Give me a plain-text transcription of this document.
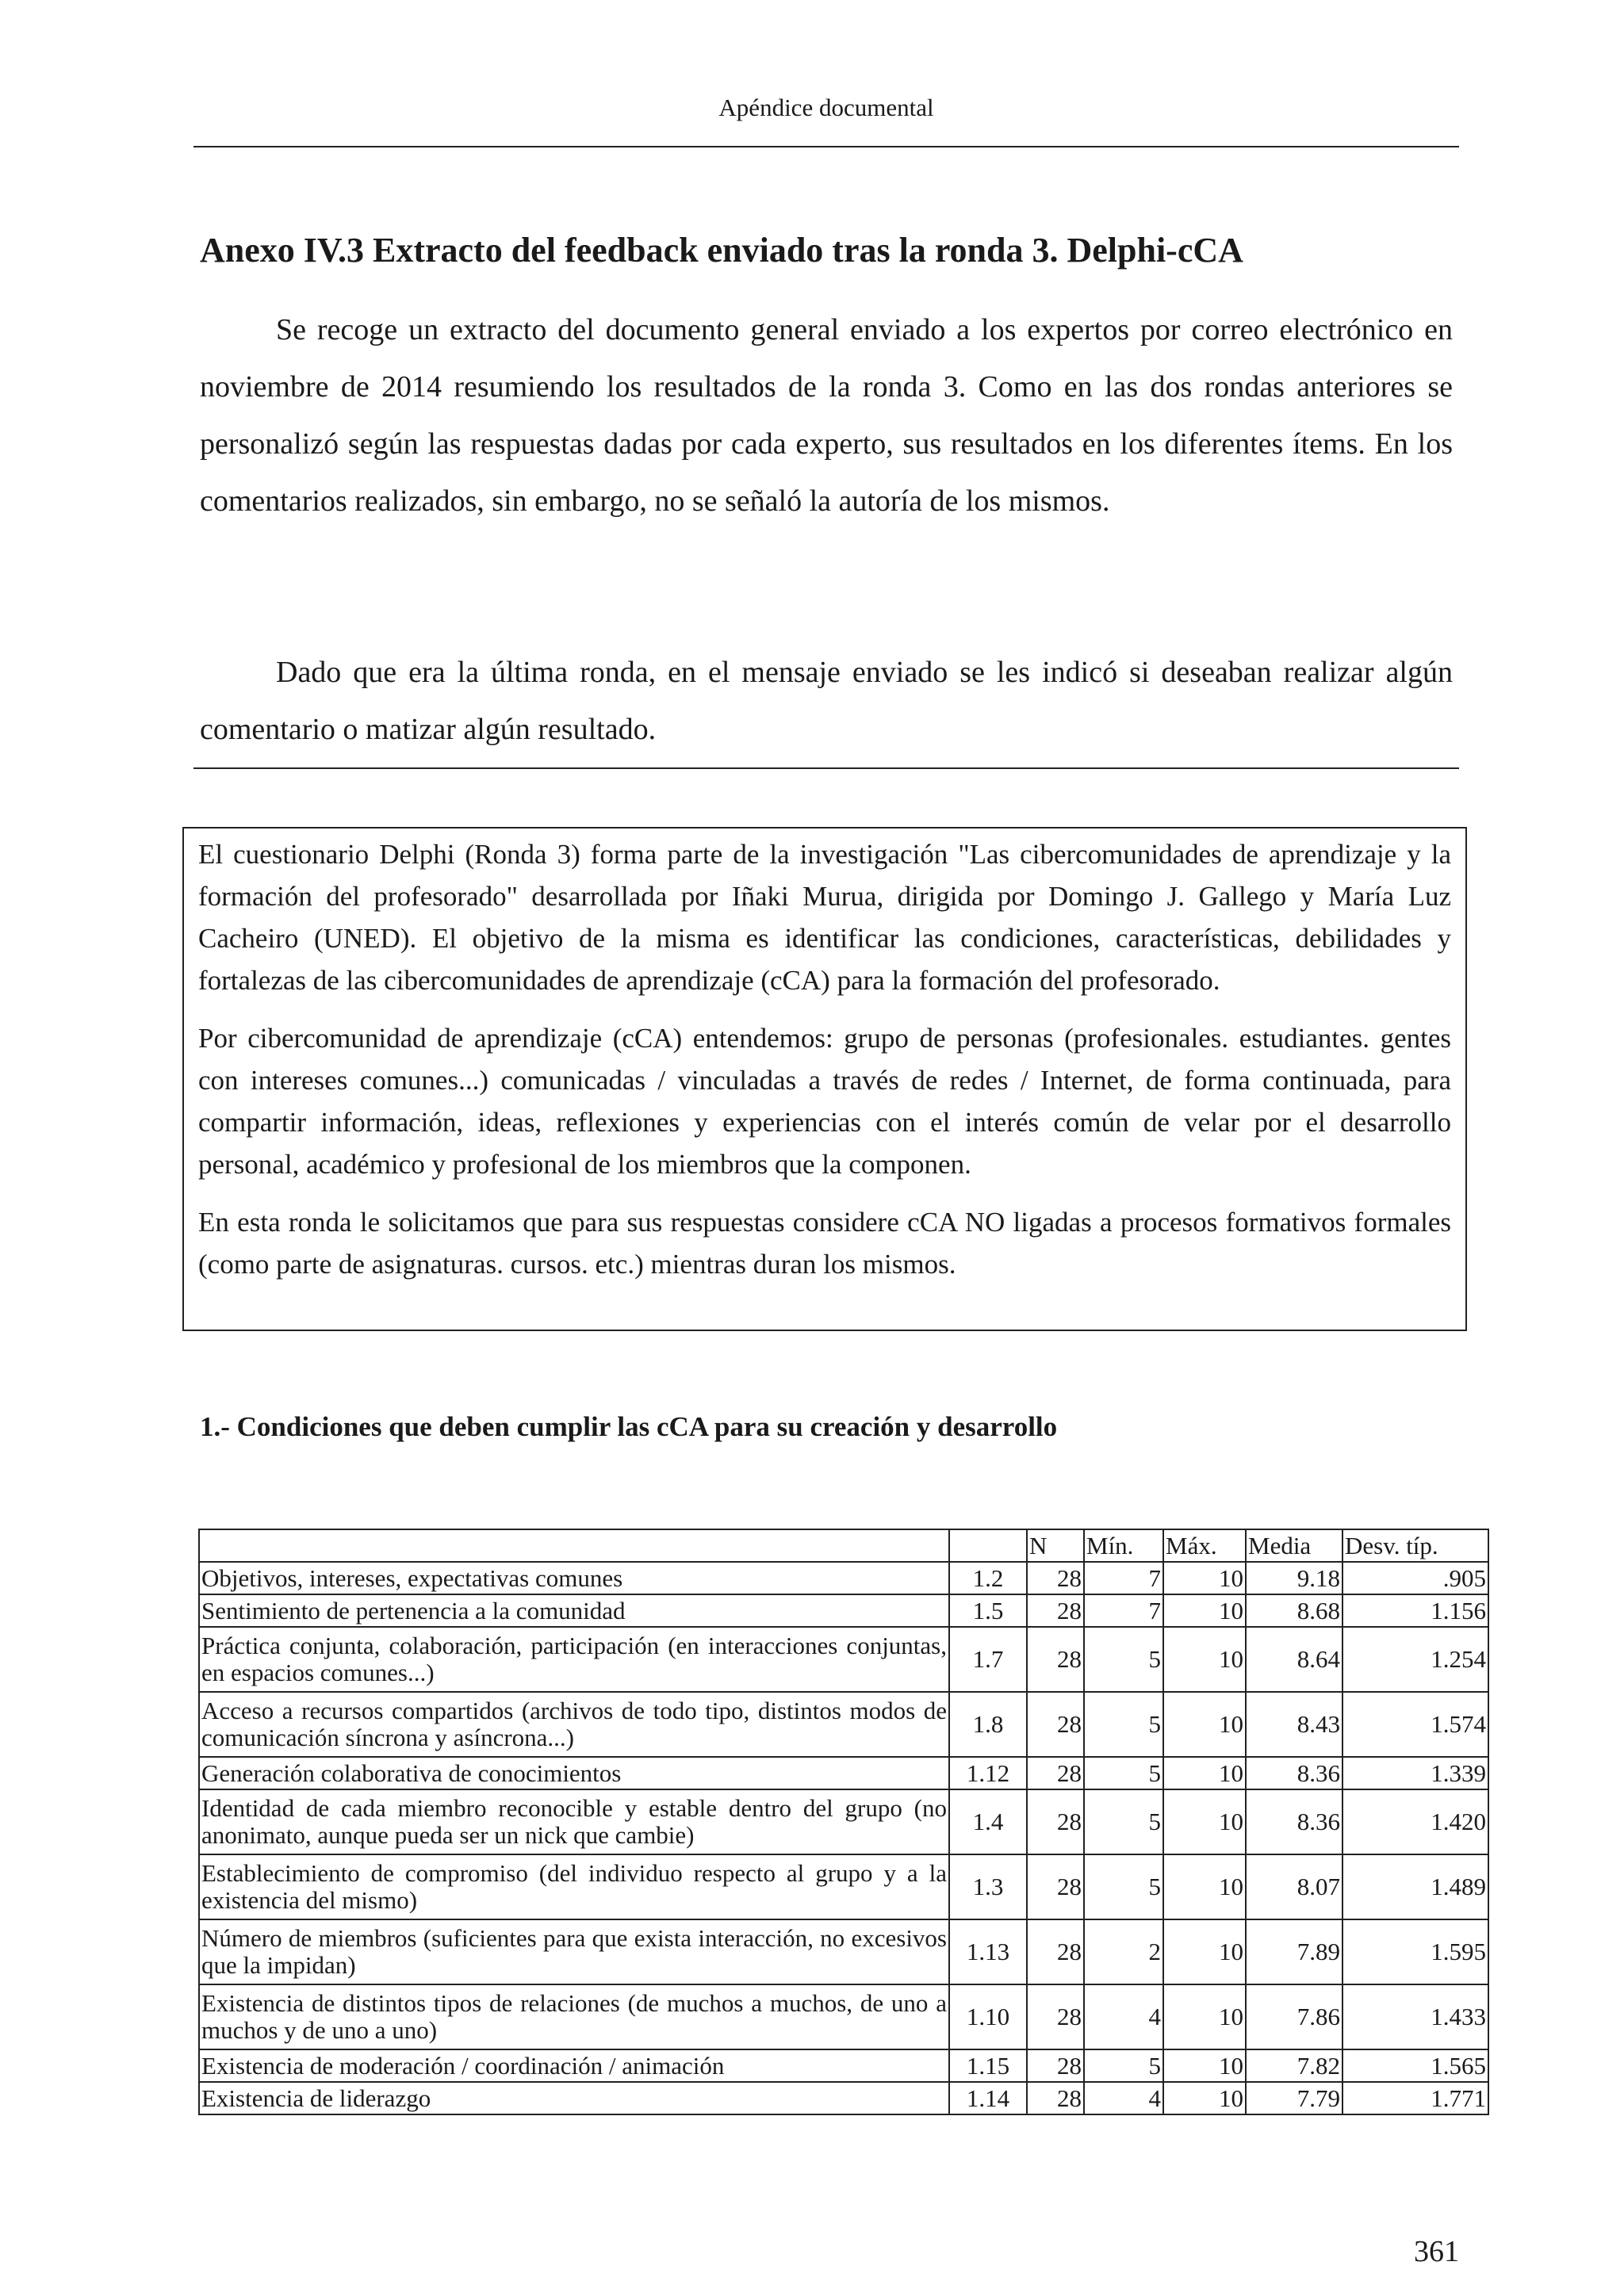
Apéndice documental
Anexo IV.3 Extracto del feedback enviado tras la ronda 3. Delphi-cCA

Se recoge un extracto del documento general enviado a los expertos por correo electrónico en noviembre de 2014 resumiendo los resultados de la ronda 3. Como en las dos rondas anteriores se personalizó según las respuestas dadas por cada experto, sus resultados en los diferentes ítems. En los comentarios realizados, sin embargo, no se señaló la autoría de los mismos.

Dado que era la última ronda, en el mensaje enviado se les indicó si deseaban realizar algún comentario o matizar algún resultado.

El cuestionario Delphi (Ronda 3) forma parte de la investigación "Las cibercomunidades de aprendizaje y la formación del profesorado" desarrollada por Iñaki Murua, dirigida por Domingo J. Gallego y María Luz Cacheiro (UNED). El objetivo de la misma es identificar las condiciones, características, debilidades y fortalezas de las cibercomunidades de aprendizaje (cCA) para la formación del profesorado.

Por cibercomunidad de aprendizaje (cCA) entendemos: grupo de personas (profesionales. estudiantes. gentes con intereses comunes...) comunicadas / vinculadas a través de redes / Internet, de forma continuada, para compartir información, ideas, reflexiones y experiencias con el interés común de velar por el desarrollo personal, académico y profesional de los miembros que la componen.

En esta ronda le solicitamos que para sus respuestas considere cCA NO ligadas a procesos formativos formales (como parte de asignaturas. cursos. etc.) mientras duran los mismos.

1.- Condiciones que deben cumplir las cCA para su creación y desarrollo
		N	Mín.	Máx.	Media	Desv. típ.
Objetivos, intereses, expectativas comunes	1.2	28	7	10	9.18	.905
Sentimiento de pertenencia a la comunidad	1.5	28	7	10	8.68	1.156
Práctica conjunta, colaboración, participación (en interacciones conjuntas, en espacios comunes...)	1.7	28	5	10	8.64	1.254
Acceso a recursos compartidos (archivos de todo tipo, distintos modos de comunicación síncrona y asíncrona...)	1.8	28	5	10	8.43	1.574
Generación colaborativa de conocimientos	1.12	28	5	10	8.36	1.339
Identidad de cada miembro reconocible y estable dentro del grupo (no anonimato, aunque pueda ser un nick que cambie)	1.4	28	5	10	8.36	1.420
Establecimiento de compromiso (del individuo respecto al grupo y a la existencia del mismo)	1.3	28	5	10	8.07	1.489
Número de miembros (suficientes para que exista interacción, no excesivos que la impidan)	1.13	28	2	10	7.89	1.595
Existencia de distintos tipos de relaciones (de muchos a muchos, de uno a muchos y de uno a uno)	1.10	28	4	10	7.86	1.433
Existencia de moderación / coordinación / animación	1.15	28	5	10	7.82	1.565
Existencia de liderazgo	1.14	28	4	10	7.79	1.771
361
